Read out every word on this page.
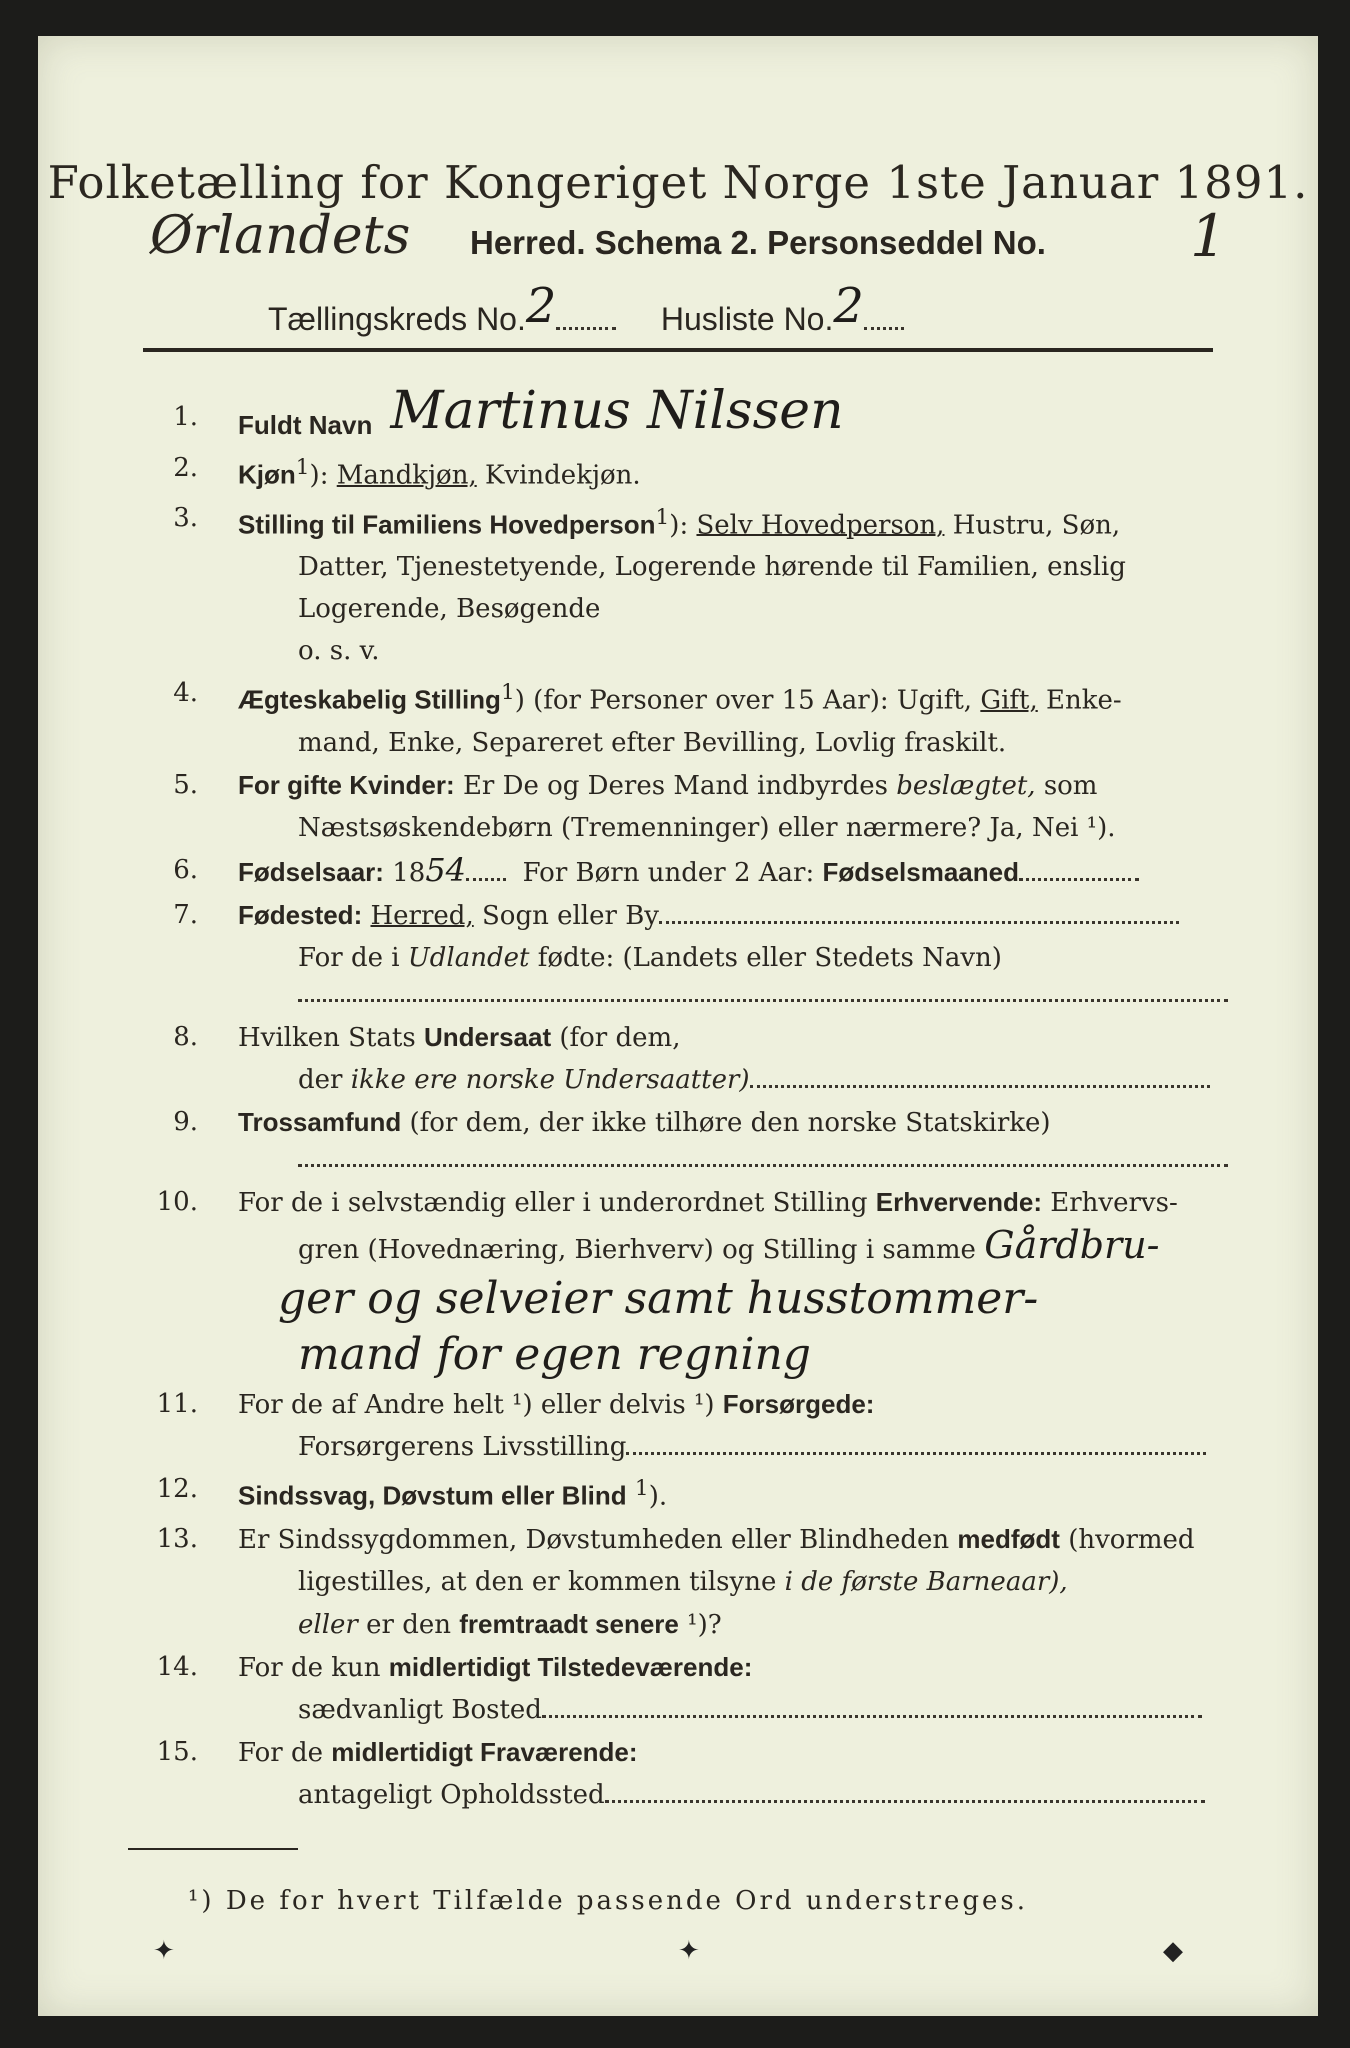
Folketælling for Kongeriget Norge 1ste Januar 1891.
Ørlandets	Herred. Schema 2. Personseddel No. 1
Tællingskreds No.2	Husliste No.2
1. Fuldt Navn Martinus Nilssen
2. Kjøn$^1$): Mandkjøn, Kvindekjøn.
3. Stilling til Familiens Hovedperson$^1$): Selv Hovedperson, Hustru, Søn,
Datter, Tjenestetyende, Logerende hørende til Familien, enslig
Logerende, Besøgende
o. s. v.
4. Ægteskabelig Stilling$^1$) (for Personer over 15 Aar): Ugift, Gift, Enke-
mand, Enke, Separeret efter Bevilling, Lovlig fraskilt.
5. For gifte Kvinder: Er De og Deres Mand indbyrdes beslægtet, som
Næstsøskendebørn (Tremenninger) eller nærmere? Ja, Nei ¹).
6. Fødselsaar: 1854 For Børn under 2 Aar: Fødselsmaaned
7. Fødested: Herred, Sogn eller By
For de i Udlandet fødte: (Landets eller Stedets Navn)
8. Hvilken Stats Undersaat (for dem,
der ikke ere norske Undersaatter)
9. Trossamfund (for dem, der ikke tilhøre den norske Statskirke)
10. For de i selvstændig eller i underordnet Stilling Erhvervende: Erhvervs-
gren (Hovednæring, Bierhverv) og Stilling i samme Gårdbru-
ger og selveier samt husstommer-
mand for egen regning
11. For de af Andre helt ¹) eller delvis ¹) Forsørgede:
Forsørgerens Livsstilling
12. Sindssvag, Døvstum eller Blind $^1$).
13. Er Sindssygdommen, Døvstumheden eller Blindheden medfødt (hvormed
ligestilles, at den er kommen tilsyne i de første Barneaar),
eller er den fremtraadt senere ¹)?
14. For de kun midlertidigt Tilstedeværende:
sædvanligt Bosted
15. For de midlertidigt Fraværende:
antageligt Opholdssted
¹) De for hvert Tilfælde passende Ord understreges.
✦	✦	◆
